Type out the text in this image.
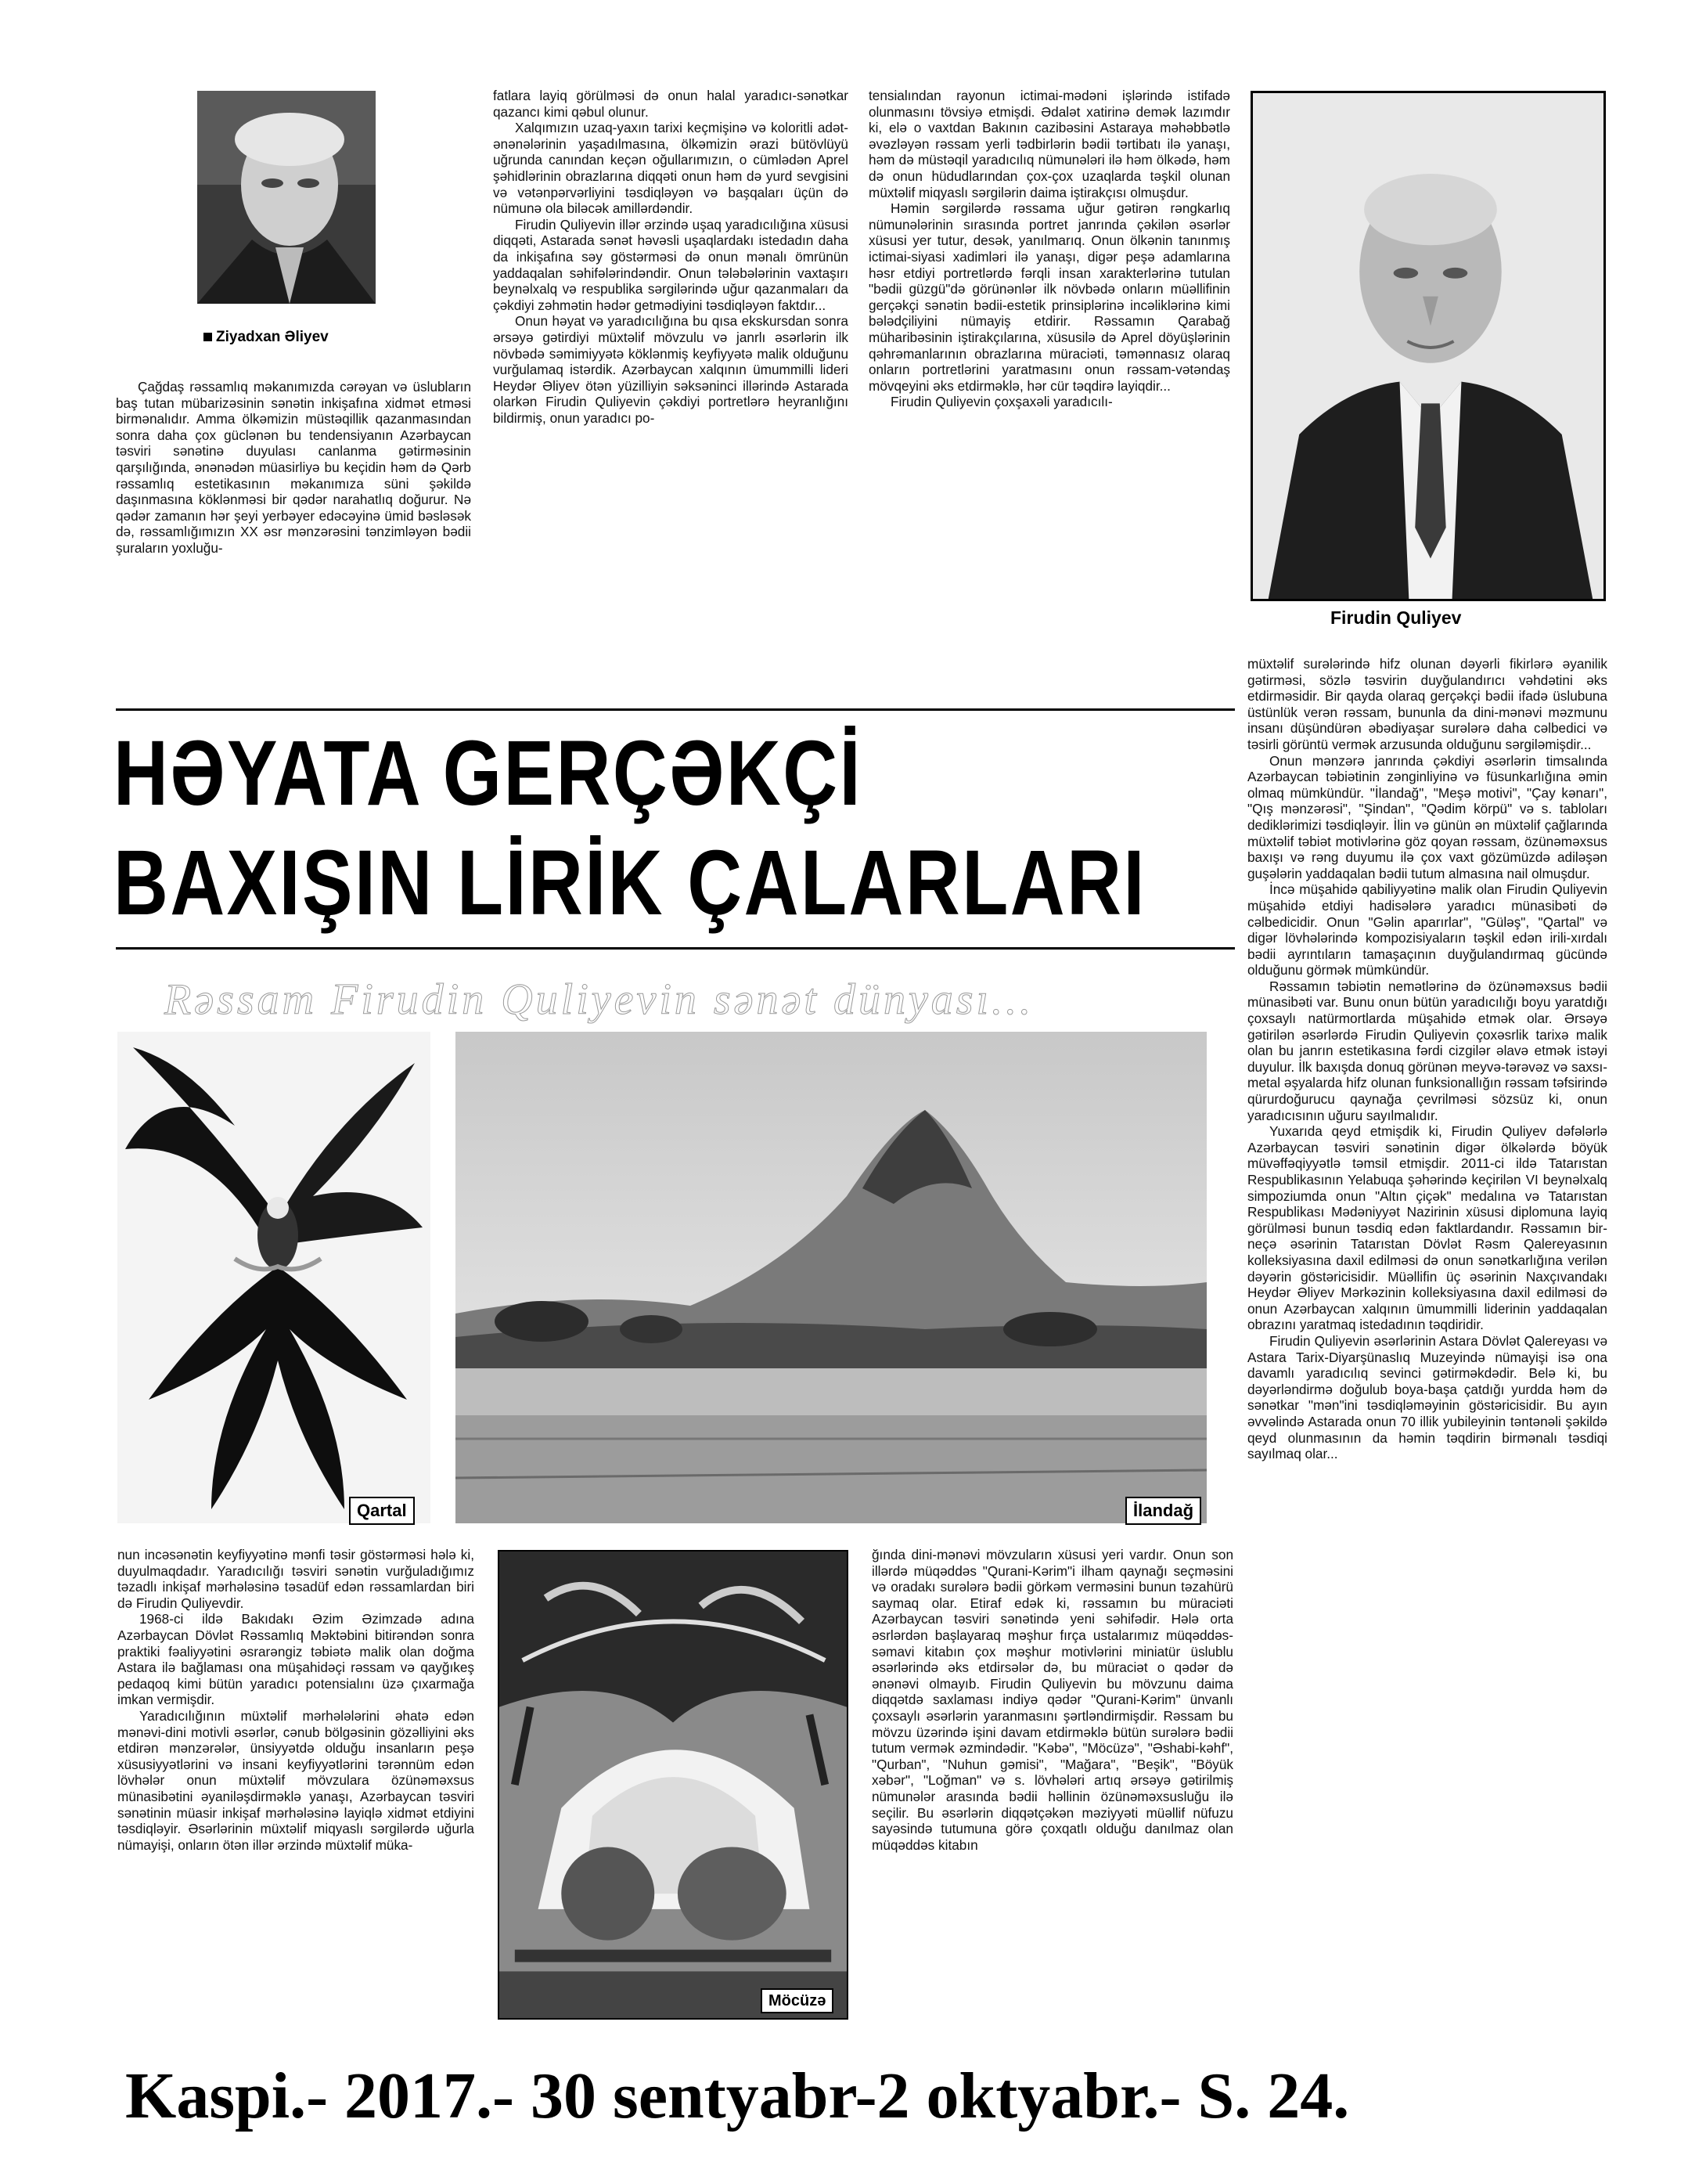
Ziyadxan Əliyev

Çağdaş rəssamlıq məkanımızda cərəyan və üslubların baş tutan mübarizəsinin sənətin inkişafına xidmət etməsi birmənalıdır. Amma ölkəmizin müstəqillik qazanmasından sonra daha çox güclənən bu tendensiyanın Azərbaycan təsviri sənətinə duyulası canlanma gətirməsinin qarşılığında, ənənədən müasirliyə bu keçidin həm də Qərb rəssamlıq estetikasının məkanımıza süni şəkildə daşınmasına köklənməsi bir qədər narahatlıq doğurur. Nə qədər zamanın hər şeyi yerbəyer edəcəyinə ümid bəsləsək də, rəssamlığımızın XX əsr mənzərəsini tənzimləyən bədii şuraların yoxluğu-

fatlara layiq görülməsi də onun halal yaradıcı-sənətkar qazancı kimi qəbul olunur.

Xalqımızın uzaq-yaxın tarixi keçmişinə və koloritli adət-ənənələrinin yaşadılmasına, ölkəmizin ərazi bütövlüyü uğrunda canından keçən oğullarımızın, o cümlədən Aprel şəhidlərinin obrazlarına diqqəti onun həm də yurd sevgisini və vətənpərvərliyini təsdiqləyən və başqaları üçün də nümunə ola biləcək amillərdəndir.

Firudin Quliyevin illər ərzində uşaq yaradıcılığına xüsusi diqqəti, Astarada sənət həvəsli uşaqlardakı istedadın daha da inkişafına səy göstərməsi də onun mənalı ömrünün yaddaqalan səhifələrindəndir. Onun tələbələrinin vaxtaşırı beynəlxalq və respublika sərgilərində uğur qazanmaları da çəkdiyi zəhmətin hədər getmədiyini təsdiqləyən faktdır...

Onun həyat və yaradıcılığına bu qısa ekskursdan sonra ərsəyə gətirdiyi müxtəlif mövzulu və janrlı əsərlərin ilk növbədə səmimiyyətə köklənmiş keyfiyyətə malik olduğunu vurğulamaq istərdik. Azərbaycan xalqının ümummilli lideri Heydər Əliyev ötən yüzilliyin səksəninci illərində Astarada olarkən Firudin Quliyevin çəkdiyi portretlərə heyranlığını bildirmiş, onun yaradıcı po-

tensialından rayonun ictimai-mədəni işlərində istifadə olunmasını tövsiyə etmişdi. Ədalət xatirinə demək lazımdır ki, elə o vaxtdan Bakının cazibəsini Astaraya məhəbbətlə əvəzləyən rəssam yerli tədbirlərin bədii tərtibatı ilə yanaşı, həm də müstəqil yaradıcılıq nümunələri ilə həm ölkədə, həm də onun hüdudlarından çox-çox uzaqlarda təşkil olunan müxtəlif miqyaslı sərgilərin daima iştirakçısı olmuşdur.

Həmin sərgilərdə rəssama uğur gətirən rəngkarlıq nümunələrinin sırasında portret janrında çəkilən əsərlər xüsusi yer tutur, desək, yanılmarıq. Onun ölkənin tanınmış ictimai-siyasi xadimləri ilə yanaşı, digər peşə adamlarına həsr etdiyi portretlərdə fərqli insan xarakterlərinə tutulan "bədii güzgü"də görünənlər ilk növbədə onların müəllifinin gerçəkçi sənətin bədii-estetik prinsiplərinə incəliklərinə kimi bələdçiliyini nümayiş etdirir. Rəssamın Qarabağ müharibəsinin iştirakçılarına, xüsusilə də Aprel döyüşlərinin qəhrəmanlarının obrazlarına müraciəti, təmənnasız olaraq onların portretlərini yaratmasını onun rəssam-vətəndaş mövqeyini əks etdirməklə, hər cür təqdirə layiqdir...

Firudin Quliyevin çoxşaxəli yaradıcılı-

Firudin Quliyev

müxtəlif surələrində hifz olunan dəyərli fikirlərə əyanilik gətirməsi, sözlə təsvirin duyğulandırıcı vəhdətini əks etdirməsidir. Bir qayda olaraq gerçəkçi bədii ifadə üslubuna üstünlük verən rəssam, bununla da dini-mənəvi məzmunu insanı düşündürən əbədiyaşar surələrə daha cəlbedici və təsirli görüntü vermək arzusunda olduğunu sərgiləmişdir...

Onun mənzərə janrında çəkdiyi əsərlərin timsalında Azərbaycan təbiətinin zənginliyinə və füsunkarlığına əmin olmaq mümkündür. "İlandağ", "Meşə motivi", "Çay kənarı", "Qış mənzərəsi", "Şindan", "Qədim körpü" və s. tabloları dediklərimizi təsdiqləyir. İlin və günün ən müxtəlif çağlarında müxtəlif təbiət motivlərinə göz qoyan rəssam, özünəməxsus baxışı və rəng duyumu ilə çox vaxt gözümüzdə adiləşən guşələrin yaddaqalan bədii tutum almasına nail olmuşdur.

İncə müşahidə qabiliyyətinə malik olan Firudin Quliyevin müşahidə etdiyi hadisələrə yaradıcı münasibəti də cəlbedicidir. Onun "Gəlin aparırlar", "Güləş", "Qartal" və digər lövhələrində kompozisiyaların təşkil edən irili-xırdalı bədii ayrıntıların tamaşaçının duyğulandırmaq gücündə olduğunu görmək mümkündür.

Rəssamın təbiətin nemətlərinə də özünəməxsus bədii münasibəti var. Bunu onun bütün yaradıcılığı boyu yaratdığı çoxsaylı natürmortlarda müşahidə etmək olar. Ərsəyə gətirilən əsərlərdə Firudin Quliyevin çoxəsrlik tarixə malik olan bu janrın estetikasına fərdi cizgilər əlavə etmək istəyi duyulur. İlk baxışda donuq görünən meyvə-tərəvəz və saxsı-metal əşyalarda hifz olunan funksionallığın rəssam təfsirində qürurdoğurucu qaynağa çevrilməsi sözsüz ki, onun yaradıcısının uğuru sayılmalıdır.

Yuxarıda qeyd etmişdik ki, Firudin Quliyev dəfələrlə Azərbaycan təsviri sənətinin digər ölkələrdə böyük müvəffəqiyyətlə təmsil etmişdir. 2011-ci ildə Tatarıstan Respublikasının Yelabuqa şəhərində keçirilən VI beynəlxalq simpoziumda onun "Altın çiçək" medalına və Tatarıstan Respublikası Mədəniyyət Nazirinin xüsusi diplomuna layiq görülməsi bunun təsdiq edən faktlardandır. Rəssamın bir- neçə əsərinin Tatarıstan Dövlət Rəsm Qalereyasının kolleksiyasına daxil edilməsi də onun sənətkarlığına verilən dəyərin göstəricisidir. Müəllifin üç əsərinin Naxçıvandakı Heydər Əliyev Mərkəzinin kolleksiyasına daxil edilməsi də onun Azərbaycan xalqının ümummilli liderinin yaddaqalan obrazını yaratmaq istedadının təqdiridir.

Firudin Quliyevin əsərlərinin Astara Dövlət Qalereyası və Astara Tarix-Diyarşünaslıq Muzeyində nümayişi isə ona davamlı yaradıcılıq sevinci gətirməkdədir. Belə ki, bu dəyərləndirmə doğulub boya-başa çatdığı yurdda həm də sənətkar "mən"ini təsdiqləməyinin göstəricisidir. Bu ayın əvvəlində Astarada onun 70 illik yubileyinin təntənəli şəkildə qeyd olunmasının da həmin təqdirin birmənalı təsdiqi sayılmaq olar...

HƏYATA GERÇƏKÇİ
BAXIŞIN LİRİK ÇALARLARI
Rəssam Firudin Quliyevin sənət dünyası...
Qartal	İlandağ

nun incəsənətin keyfiyyətinə mənfi təsir göstərməsi hələ ki, duyulmaqdadır. Yaradıcılığı təsviri sənətin vurğuladığımız təzadlı inkişaf mərhələsinə təsadüf edən rəssamlardan biri də Firudin Quliyevdir.

1968-ci ildə Bakıdakı Əzim Əzimzadə adına Azərbaycan Dövlət Rəssamlıq Məktəbini bitirəndən sonra praktiki fəaliyyətini əsrarəngiz təbiətə malik olan doğma Astara ilə bağlaması ona müşahidəçi rəssam və qayğıkeş pedaqoq kimi bütün yaradıcı potensialını üzə çıxarmağa imkan vermişdir.

Yaradıcılığının müxtəlif mərhələlərini əhatə edən mənəvi-dini motivli əsərlər, cənub bölgəsinin gözəlliyini əks etdirən mənzərələr, ünsiyyətdə olduğu insanların peşə xüsusiyyətlərini və insani keyfiyyətlərini tərənnüm edən lövhələr onun müxtəlif mövzulara özünəməxsus münasibətini əyaniləşdirməklə yanaşı, Azərbaycan təsviri sənətinin müasir inkişaf mərhələsinə layiqlə xidmət etdiyini təsdiqləyir. Əsərlərinin müxtəlif miqyaslı sərgilərdə uğurla nümayişi, onların ötən illər ərzində müxtəlif müka-

Möcüzə

ğında dini-mənəvi mövzuların xüsusi yeri vardır. Onun son illərdə müqəddəs "Qurani-Kərim"i ilham qaynağı seçməsini və oradakı surələrə bədii görkəm verməsini bunun təzahürü saymaq olar. Etiraf edək ki, rəssamın bu müraciəti Azərbaycan təsviri sənətində yeni səhifədir. Hələ orta əsrlərdən başlayaraq məşhur fırça ustalarımız müqəddəs-səmavi kitabın çox məşhur motivlərini miniatür üslublu əsərlərində əks etdirsələr də, bu müraciət o qədər də ənənəvi olmayıb. Firudin Quliyevin bu mövzunu daima diqqətdə saxlaması indiyə qədər "Qurani-Kərim" ünvanlı çoxsaylı əsərlərin yaranmasını şərtləndirmişdir. Rəssam bu mövzu üzərində işini davam etdirməklə bütün surələrə bədii tutum vermək əzmindədir. "Kəbə", "Möcüzə", "Əshabi-kəhf", "Qurban", "Nuhun gəmisi", "Mağara", "Beşik", "Böyük xəbər", "Loğman" və s. lövhələri artıq ərsəyə gətirilmiş nümunələr arasında bədii həllinin özünəməxsusluğu ilə seçilir. Bu əsərlərin diqqətçəkən məziyyəti müəllif nüfuzu sayəsində tutumuna görə çoxqatlı olduğu danılmaz olan müqəddəs kitabın

Kaspi.- 2017.- 30 sentyabr-2 oktyabr.- S. 24.
